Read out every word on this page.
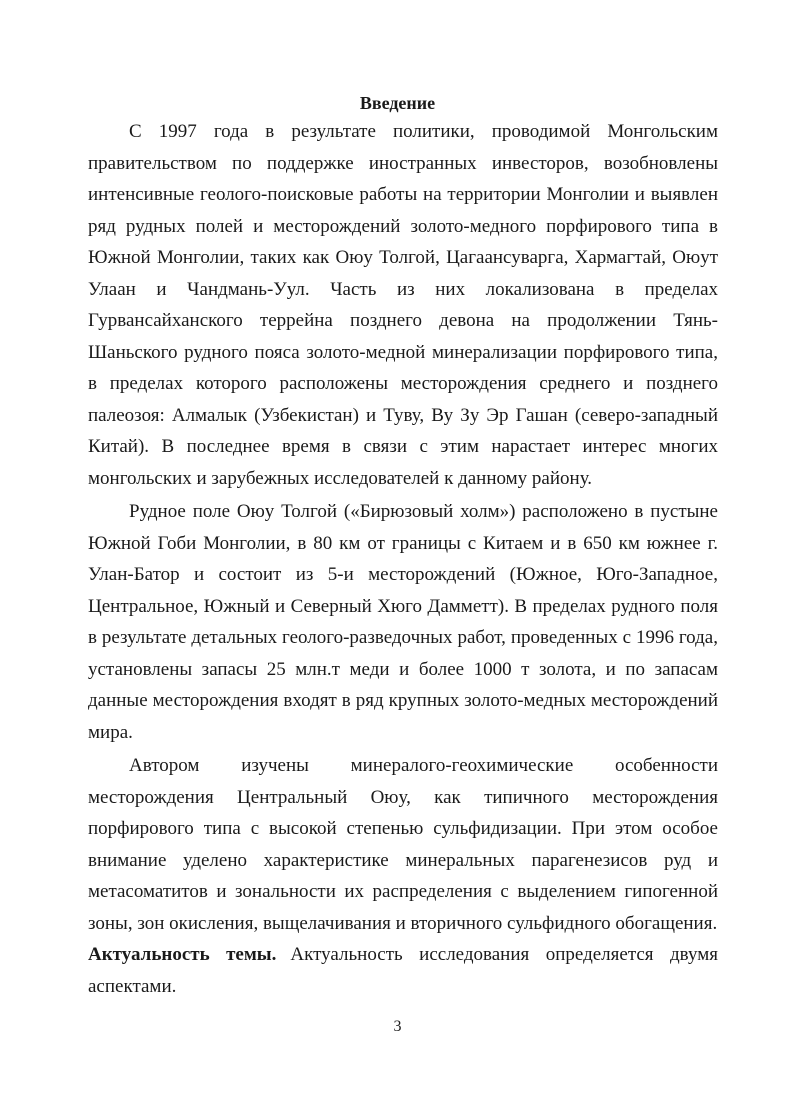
Введение

С 1997 года в результате политики, проводимой Монгольским правительством по поддержке иностранных инвесторов, возобновлены интенсивные геолого-поисковые работы на территории Монголии и выявлен ряд рудных полей и месторождений золото-медного порфирового типа в Южной Монголии, таких как Оюу Толгой, Цагаансуварга, Хармагтай, Оюут Улаан и Чандмань-Уул. Часть из них локализована в пределах Гурвансайханского террейна позднего девона на продолжении Тянь-Шаньского рудного пояса золото-медной минерализации порфирового типа, в пределах которого расположены месторождения среднего и позднего палеозоя: Алмалык (Узбекистан) и Туву, Ву Зу Эр Гашан (северо-западный Китай). В последнее время в связи с этим нарастает интерес многих монгольских и зарубежных исследователей к данному району.

Рудное поле Оюу Толгой («Бирюзовый холм») расположено в пустыне Южной Гоби Монголии, в 80 км от границы с Китаем и в 650 км южнее г. Улан-Батор и состоит из 5-и месторождений (Южное, Юго-Западное, Центральное, Южный и Северный Хюго Дамметт). В пределах рудного поля в результате детальных геолого-разведочных работ, проведенных с 1996 года, установлены запасы 25 млн.т меди и более 1000 т золота, и по запасам данные месторождения входят в ряд крупных золото-медных месторождений мира.

Автором изучены минералого-геохимические особенности месторождения Центральный Оюу, как типичного месторождения порфирового типа с высокой степенью сульфидизации. При этом особое внимание уделено характеристике минеральных парагенезисов руд и метасоматитов и зональности их распределения с выделением гипогенной зоны, зон окисления, выщелачивания и вторичного сульфидного обогащения.

Актуальность темы. Актуальность исследования определяется двумя аспектами.

3
